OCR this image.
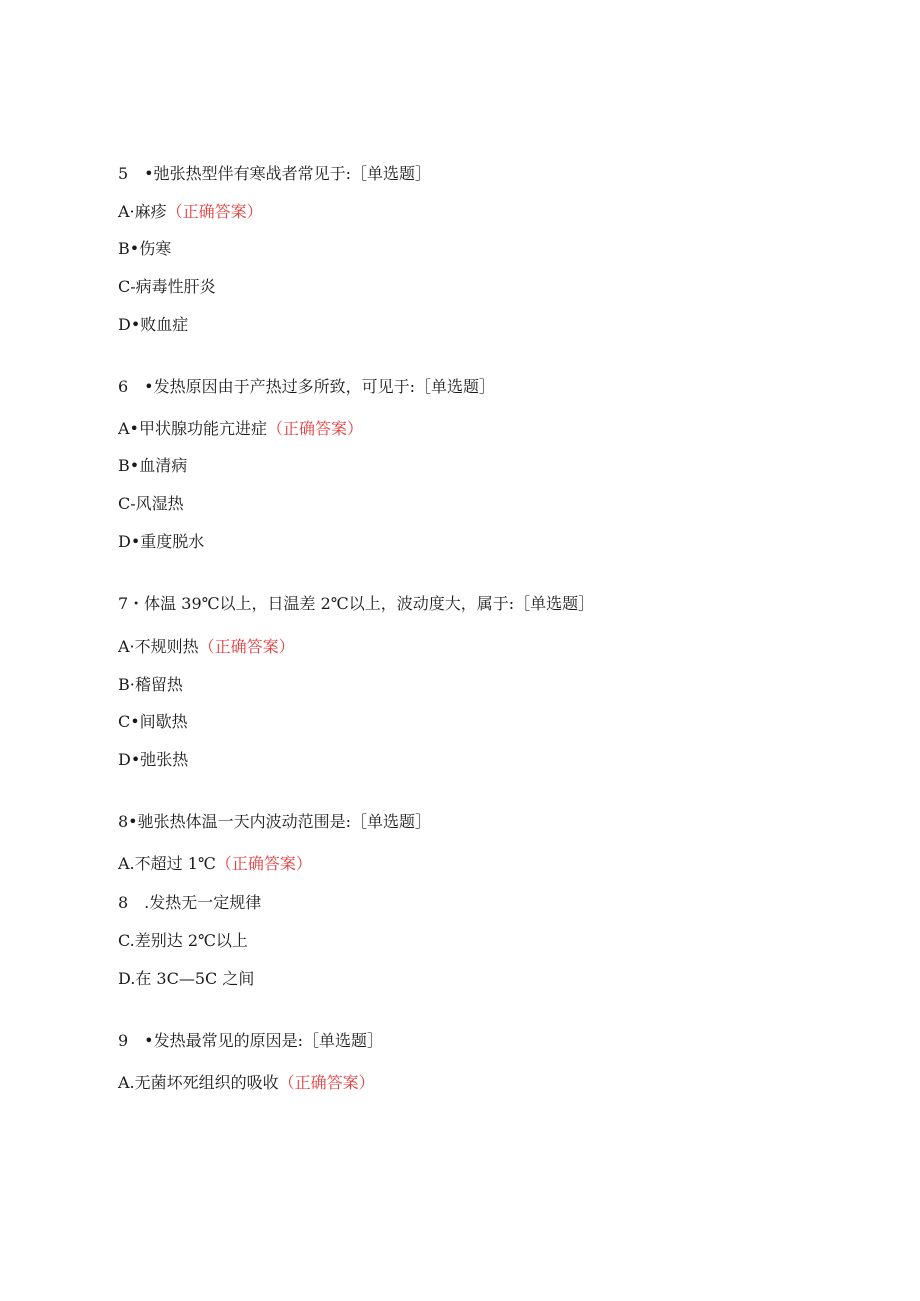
5　•弛张热型伴有寒战者常见于:［单选题］
A·麻疹（正确答案）
B•伤寒
C-病毒性肝炎
D•败血症
6　•发热原因由于产热过多所致，可见于:［单选题］
A•甲状腺功能亢进症（正确答案）
B•血清病
C-风湿热
D•重度脱水
7・体温 39℃以上，日温差 2℃以上，波动度大，属于:［单选题］
A·不规则热（正确答案）
B·稽留热
C•间歇热
D•弛张热
8•驰张热体温一天内波动范围是:［单选题］
A.不超过 1℃（正确答案）
8　.发热无一定规律
C.差别达 2℃以上
D.在 3C—5C 之间
9　•发热最常见的原因是:［单选题］
A.无菌坏死组织的吸收（正确答案）
